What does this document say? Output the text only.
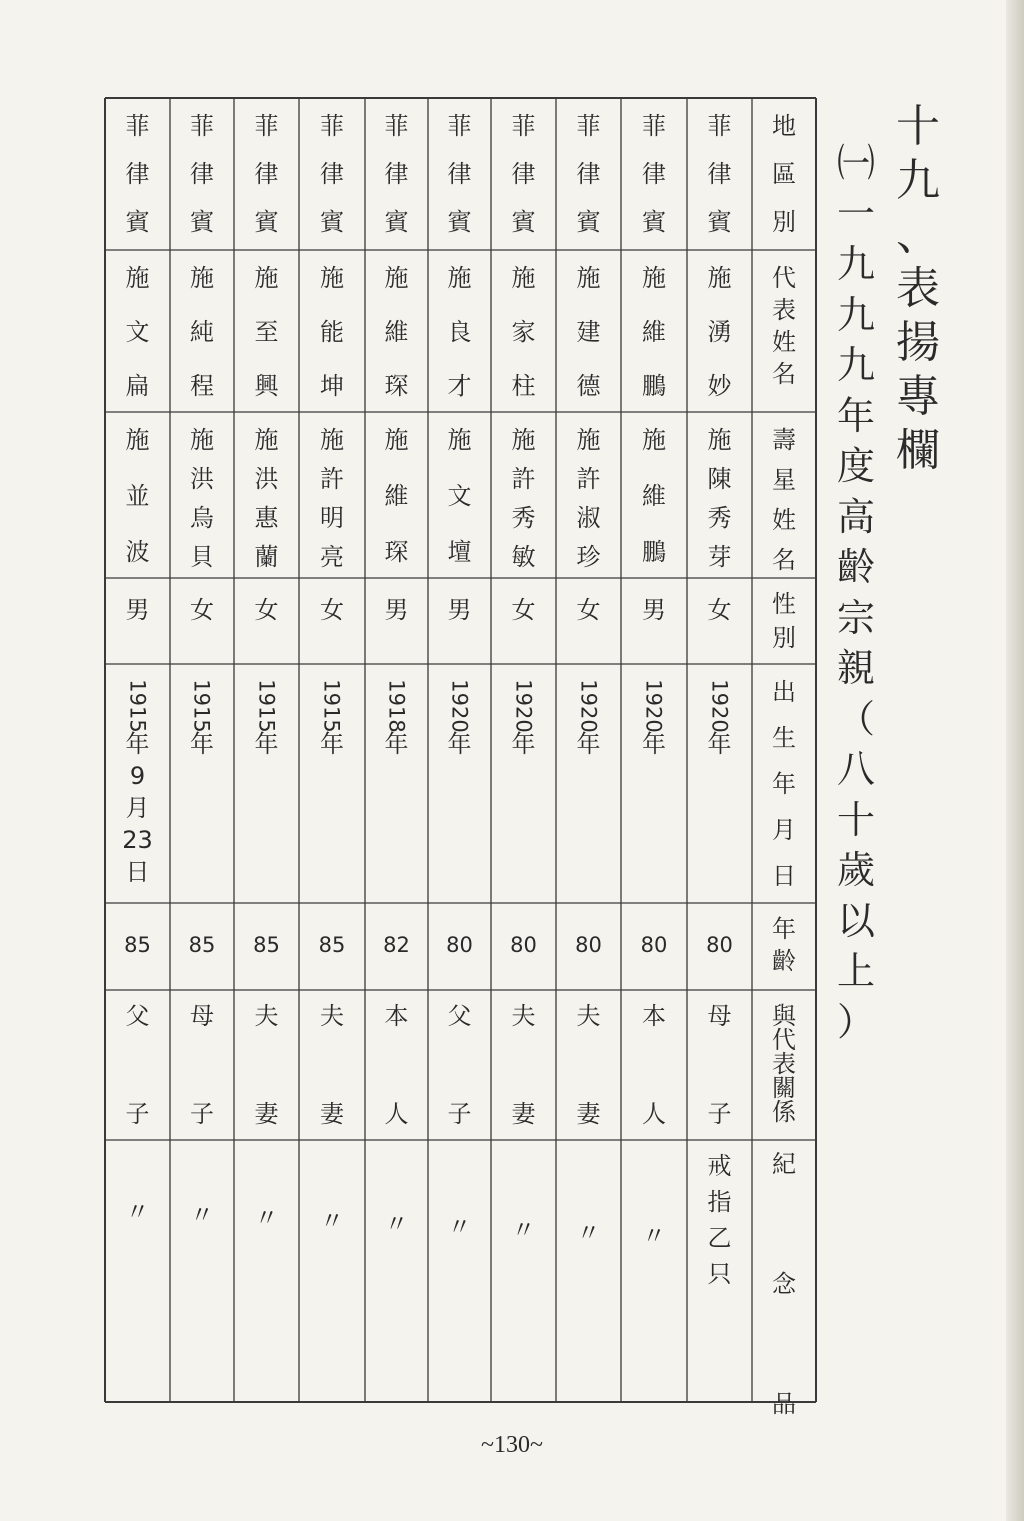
十
九
、
表
揚
專
欄
㈠
一
九
九
九
年
度
高
齡
宗
親
（
八
十
歲
以
上
）
地
區
別
代
表
姓
名
壽
星
姓
名
性
別
出
生
年
月
日
年
齡
與
代
表
關
係
紀
念
品
菲
律
賓
施
湧
妙
施
陳
秀
芽
女
1920
年
80
母
子
戒
指
乙
只
菲
律
賓
施
維
鵬
施
維
鵬
男
1920
年
80
本
人
〃
菲
律
賓
施
建
德
施
許
淑
珍
女
1920
年
80
夫
妻
〃
菲
律
賓
施
家
柱
施
許
秀
敏
女
1920
年
80
夫
妻
〃
菲
律
賓
施
良
才
施
文
壇
男
1920
年
80
父
子
〃
菲
律
賓
施
維
琛
施
維
琛
男
1918
年
82
本
人
〃
菲
律
賓
施
能
坤
施
許
明
亮
女
1915
年
85
夫
妻
〃
菲
律
賓
施
至
興
施
洪
惠
蘭
女
1915
年
85
夫
妻
〃
菲
律
賓
施
純
程
施
洪
烏
貝
女
1915
年
85
母
子
〃
菲
律
賓
施
文
扁
施
並
波
男
1915
年
9
月
23
日
85
父
子
〃
~130~
